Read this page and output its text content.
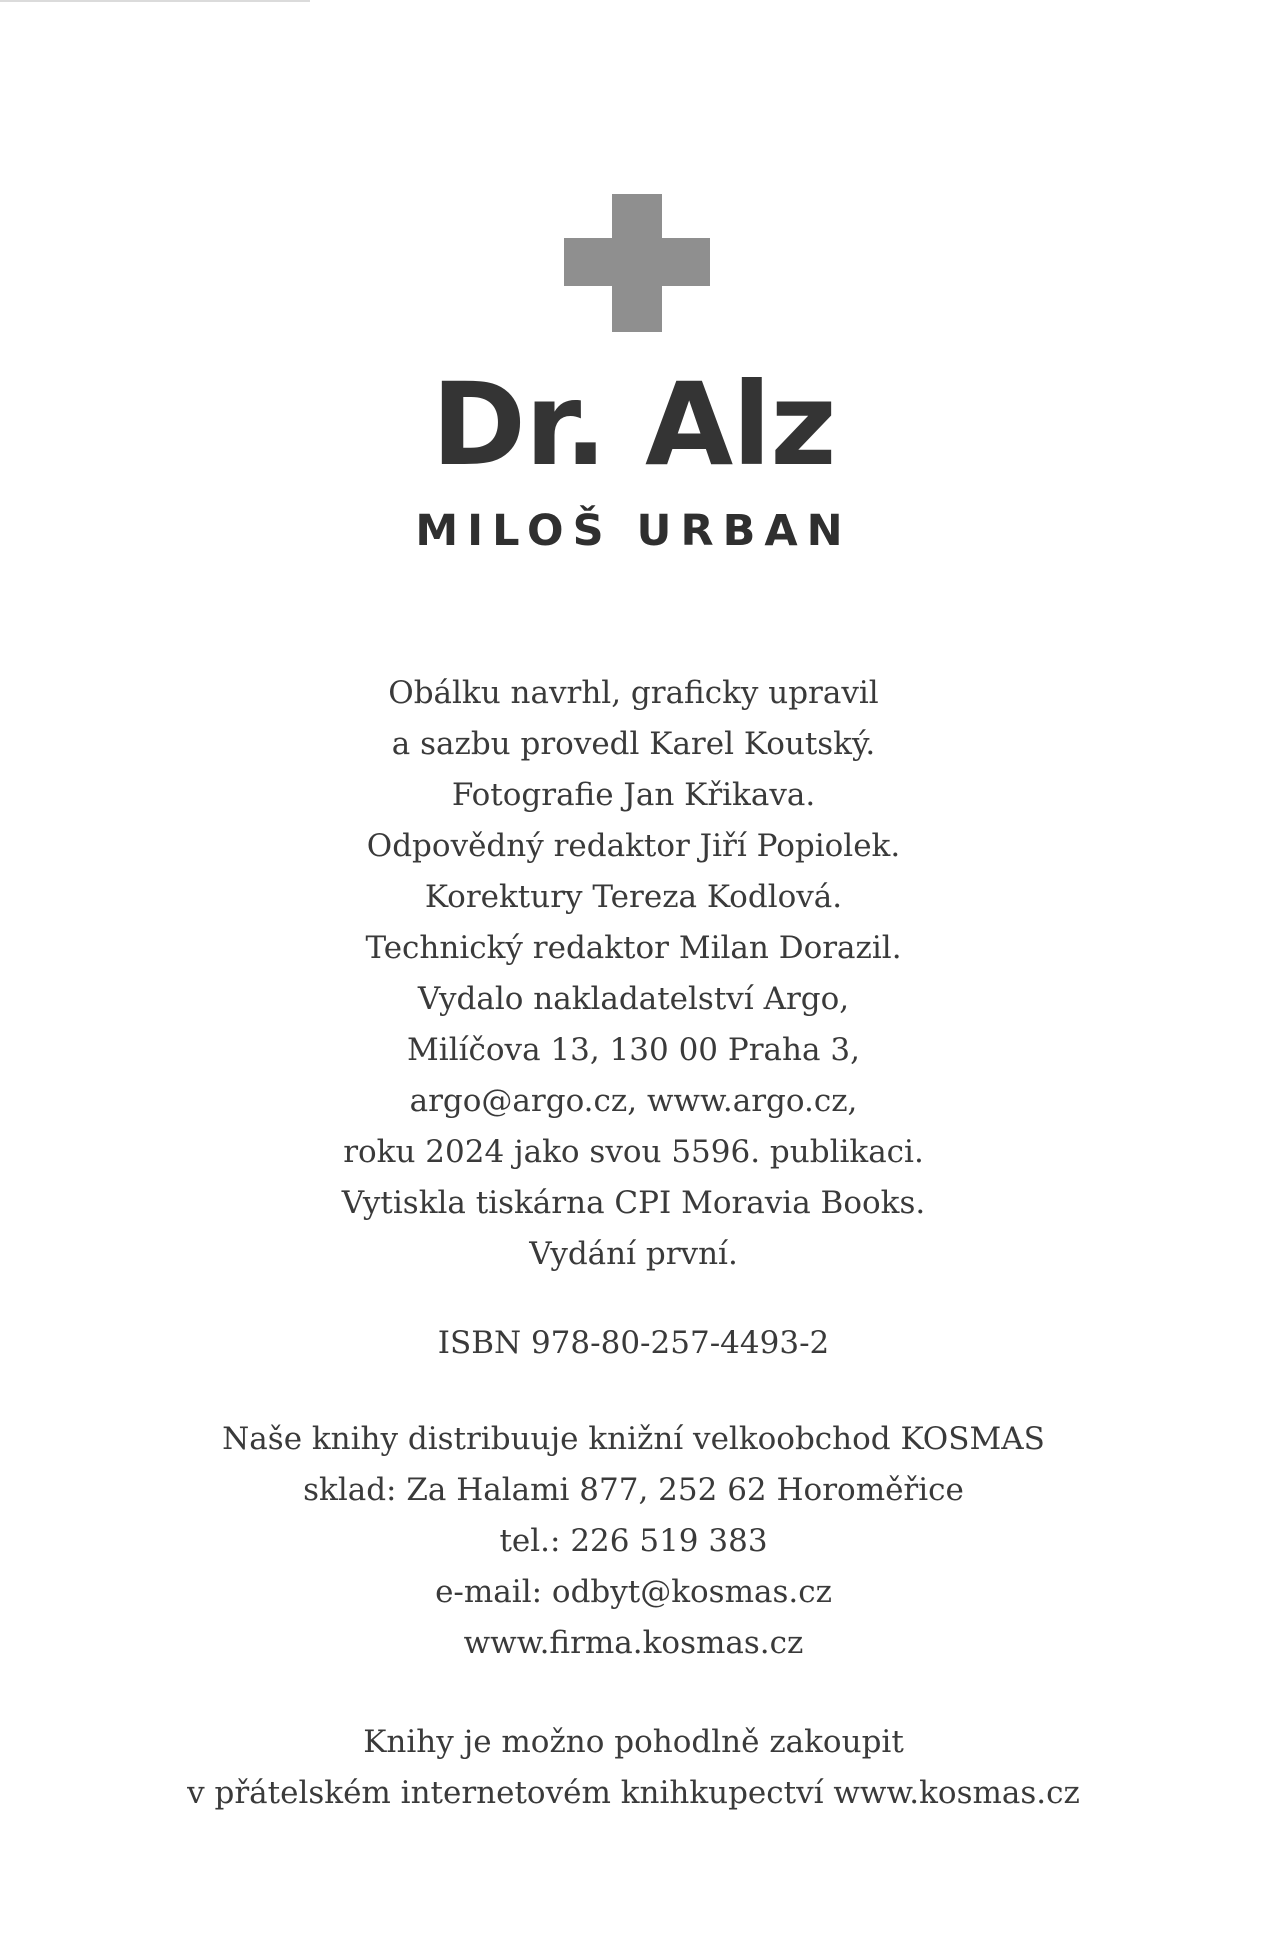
Dr. Alz
MILOŠ URBAN
Obálku navrhl, graficky upravil
a sazbu provedl Karel Koutský.
Fotografie Jan Křikava.
Odpovědný redaktor Jiří Popiolek.
Korektury Tereza Kodlová.
Technický redaktor Milan Dorazil.
Vydalo nakladatelství Argo,
Milíčova 13, 130 00 Praha 3,
argo@argo.cz, www.argo.cz,
roku 2024 jako svou 5596. publikaci.
Vytiskla tiskárna CPI Moravia Books.
Vydání první.
ISBN 978-80-257-4493-2
Naše knihy distribuuje knižní velkoobchod KOSMAS
sklad: Za Halami 877, 252 62 Horoměřice
tel.: 226 519 383
e-mail: odbyt@kosmas.cz
www.firma.kosmas.cz
Knihy je možno pohodlně zakoupit
v přátelském internetovém knihkupectví www.kosmas.cz
